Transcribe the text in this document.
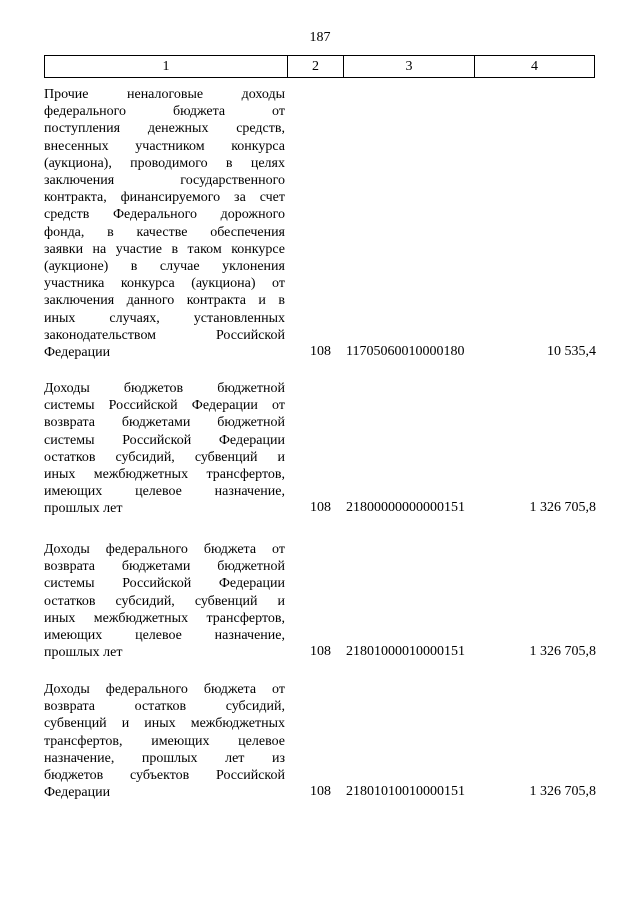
187
1	2	3	4
Прочие неналоговые доходы
федерального бюджета от
поступления денежных средств,
внесенных участником конкурса
(аукциона), проводимого в целях
заключения государственного
контракта, финансируемого за счет
средств Федерального дорожного
фонда, в качестве обеспечения
заявки на участие в таком конкурсе
(аукционе) в случае уклонения
участника конкурса (аукциона) от
заключения данного контракта и в
иных случаях, установленных
законодательством Российской
Федерации	108 11705060010000180	10 535,4
Доходы бюджетов бюджетной
системы Российской Федерации от
возврата бюджетами бюджетной
системы Российской Федерации
остатков субсидий, субвенций и
иных межбюджетных трансфертов,
имеющих целевое назначение,
прошлых лет	108 21800000000000151	1 326 705,8
Доходы федерального бюджета от
возврата бюджетами бюджетной
системы Российской Федерации
остатков субсидий, субвенций и
иных межбюджетных трансфертов,
имеющих целевое назначение,
прошлых лет	108 21801000010000151	1 326 705,8
Доходы федерального бюджета от
возврата остатков субсидий,
субвенций и иных межбюджетных
трансфертов, имеющих целевое
назначение, прошлых лет из
бюджетов субъектов Российской
Федерации	108 21801010010000151	1 326 705,8
